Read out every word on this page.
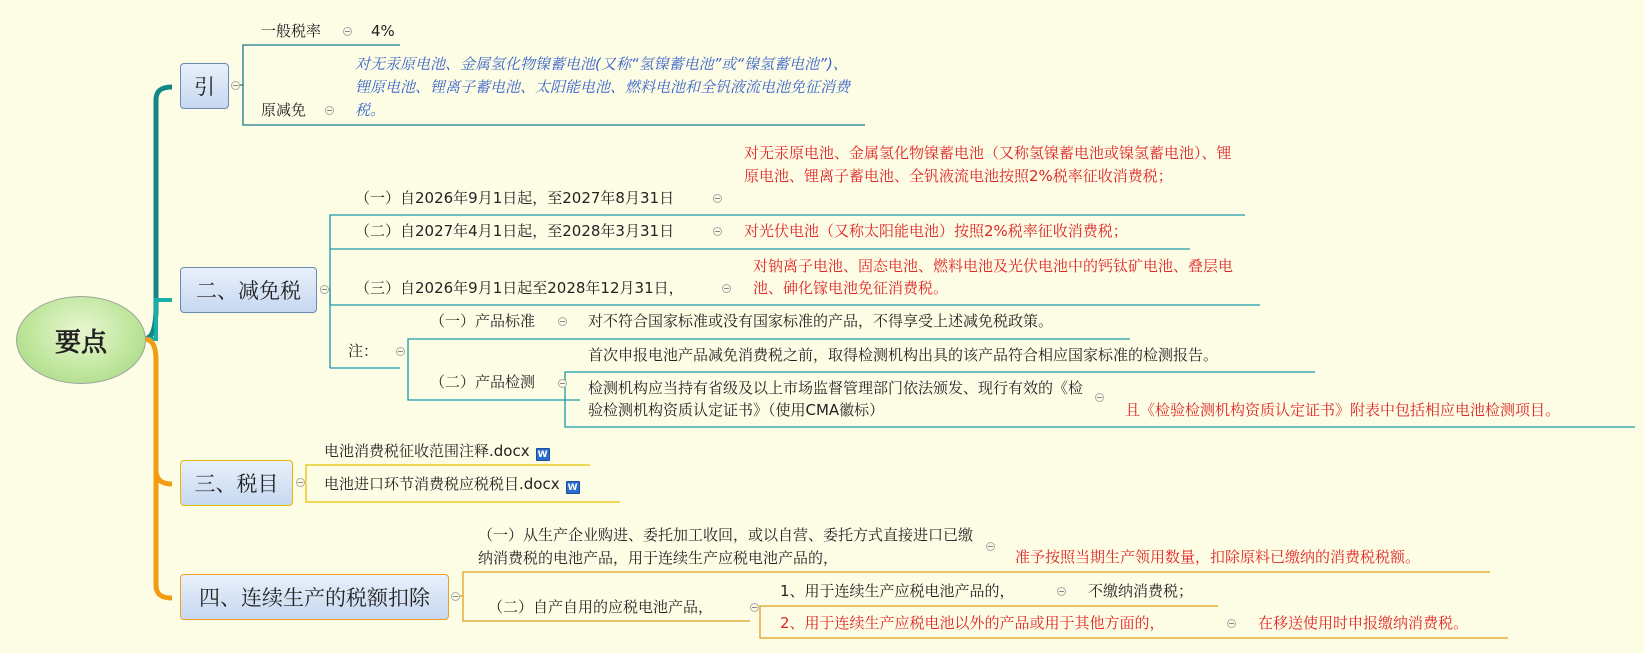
要点
引
一般税率	4%
原减免
对无汞原电池、金属氢化物镍蓄电池(又称“氢镍蓄电池”或“镍氢蓄电池”)、锂原电池、锂离子蓄电池、太阳能电池、燃料电池和全钒液流电池免征消费税。
二、减免税
（一）自2026年9月1日起，至2027年8月31日
对无汞原电池、金属氢化物镍蓄电池（又称氢镍蓄电池或镍氢蓄电池）、锂原电池、锂离子蓄电池、全钒液流电池按照2%税率征收消费税；
（二）自2027年4月1日起，至2028年3月31日	对光伏电池（又称太阳能电池）按照2%税率征收消费税；
（三）自2026年9月1日起至2028年12月31日，
对钠离子电池、固态电池、燃料电池及光伏电池中的钙钛矿电池、叠层电池、砷化镓电池免征消费税。
注：
（一）产品标准	对不符合国家标准或没有国家标准的产品，不得享受上述减免税政策。
（二）产品检测
首次申报电池产品减免消费税之前，取得检测机构出具的该产品符合相应国家标准的检测报告。
检测机构应当持有省级及以上市场监督管理部门依法颁发、现行有效的《检验检测机构资质认定证书》（使用CMA徽标）	且《检验检测机构资质认定证书》附表中包括相应电池检测项目。
三、税目
电池消费税征收范围注释.docx W
电池进口环节消费税应税税目.docx W
四、连续生产的税额扣除
（一）从生产企业购进、委托加工收回，或以自营、委托方式直接进口已缴纳消费税的电池产品，用于连续生产应税电池产品的，	准予按照当期生产领用数量，扣除原料已缴纳的消费税税额。
（二）自产自用的应税电池产品，
1、用于连续生产应税电池产品的，	不缴纳消费税；
2、用于连续生产应税电池以外的产品或用于其他方面的，	在移送使用时申报缴纳消费税。
